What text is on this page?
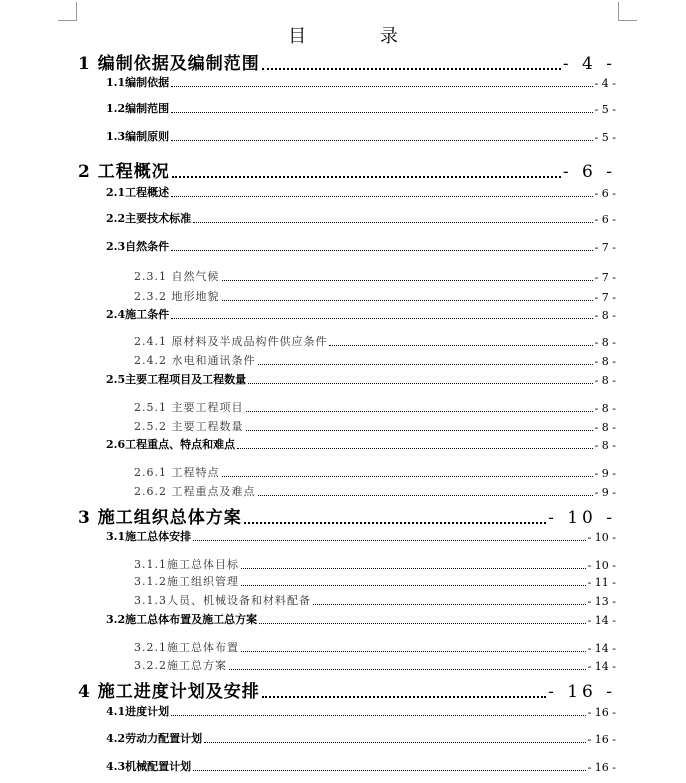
目 录
1 编制依据及编制范围	- 4 -
1.1编制依据	- 4 -
1.2编制范围	- 5 -
1.3编制原则	- 5 -
2 工程概况	- 6 -
2.1工程概述	- 6 -
2.2主要技术标准	- 6 -
2.3自然条件	- 7 -
2.3.1 自然气候	- 7 -
2.3.2 地形地貌	- 7 -
2.4施工条件	- 8 -
2.4.1 原材料及半成品构件供应条件	- 8 -
2.4.2 水电和通讯条件	- 8 -
2.5主要工程项目及工程数量	- 8 -
2.5.1 主要工程项目	- 8 -
2.5.2 主要工程数量	- 8 -
2.6工程重点、特点和难点	- 8 -
2.6.1 工程特点	- 9 -
2.6.2 工程重点及难点	- 9 -
3 施工组织总体方案	- 10 -
3.1施工总体安排	- 10 -
3.1.1施工总体目标	- 10 -
3.1.2施工组织管理	- 11 -
3.1.3人员、机械设备和材料配备	- 13 -
3.2施工总体布置及施工总方案	- 14 -
3.2.1施工总体布置	- 14 -
3.2.2施工总方案	- 14 -
4 施工进度计划及安排	- 16 -
4.1进度计划	- 16 -
4.2劳动力配置计划	- 16 -
4.3机械配置计划	- 16 -
